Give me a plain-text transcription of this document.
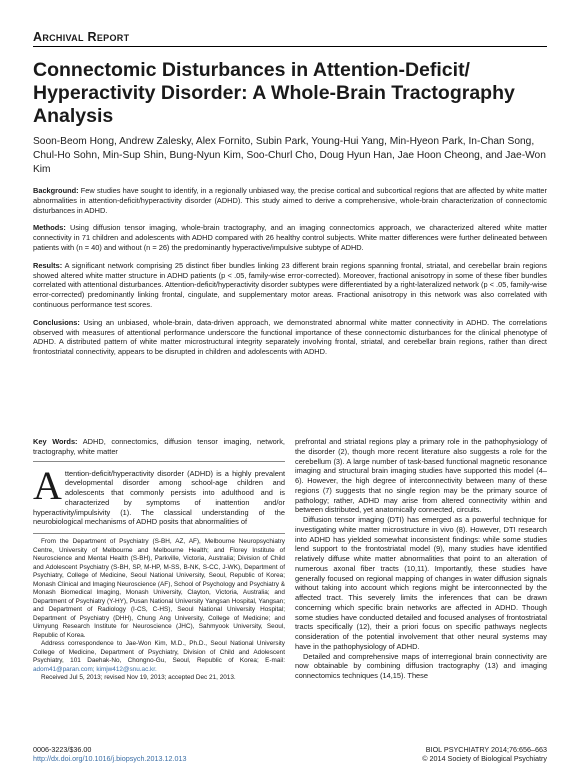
Archival Report
Connectomic Disturbances in Attention-Deficit/ Hyperactivity Disorder: A Whole-Brain Tractography Analysis
Soon-Beom Hong, Andrew Zalesky, Alex Fornito, Subin Park, Young-Hui Yang, Min-Hyeon Park, In-Chan Song, Chul-Ho Sohn, Min-Sup Shin, Bung-Nyun Kim, Soo-Churl Cho, Doug Hyun Han, Jae Hoon Cheong, and Jae-Won Kim

Background: Few studies have sought to identify, in a regionally unbiased way, the precise cortical and subcortical regions that are affected by white matter abnormalities in attention-deficit/hyperactivity disorder (ADHD). This study aimed to derive a comprehensive, whole-brain characterization of connectomic disturbances in ADHD.

Methods: Using diffusion tensor imaging, whole-brain tractography, and an imaging connectomics approach, we characterized altered white matter connectivity in 71 children and adolescents with ADHD compared with 26 healthy control subjects. White matter differences were further delineated between patients with (n = 40) and without (n = 26) the predominantly hyperactive/impulsive subtype of ADHD.

Results: A significant network comprising 25 distinct fiber bundles linking 23 different brain regions spanning frontal, striatal, and cerebellar brain regions showed altered white matter structure in ADHD patients (p < .05, family-wise error-corrected). Moreover, fractional anisotropy in some of these fiber bundles correlated with attentional disturbances. Attention-deficit/hyperactivity disorder subtypes were differentiated by a right-lateralized network (p < .05, family-wise error-corrected) predominantly linking frontal, cingulate, and supplementary motor areas. Fractional anisotropy in this network was also correlated with continuous performance test scores.

Conclusions: Using an unbiased, whole-brain, data-driven approach, we demonstrated abnormal white matter connectivity in ADHD. The correlations observed with measures of attentional performance underscore the functional importance of these connectomic disturbances for the clinical phenotype of ADHD. A distributed pattern of white matter microstructural integrity separately involving frontal, striatal, and cerebellar brain regions, rather than direct frontostriatal connectivity, appears to be disrupted in children and adolescents with ADHD.

Key Words: ADHD, connectomics, diffusion tensor imaging, network, tractography, white matter
A ttention-deficit/hyperactivity disorder (ADHD) is a highly prevalent developmental disorder among school-age children and adolescents that commonly persists into adulthood and is characterized by symptoms of inattention and/or hyperactivity/impulsivity (1). The classical understanding of the neurobiological mechanisms of ADHD posits that abnormalities of

From the Department of Psychiatry (S-BH, AZ, AF), Melbourne Neuropsychiatry Centre, University of Melbourne and Melbourne Health; and Florey Institute of Neuroscience and Mental Health (S-BH), Parkville, Victoria, Australia; Division of Child and Adolescent Psychiatry (S-BH, SP, M-HP, M-SS, B-NK, S-CC, J-WK), Department of Psychiatry, College of Medicine, Seoul National University, Seoul, Republic of Korea; Monash Clinical and Imaging Neuroscience (AF), School of Psychology and Psychiatry & Monash Biomedical Imaging, Monash University, Clayton, Victoria, Australia; and Department of Psychiatry (Y-HY), Pusan National University Yangsan Hospital, Yangsan; and Department of Radiology (I-CS, C-HS), Seoul National University Hospital; Department of Psychiatry (DHH), Chung Ang University, College of Medicine; and Uimyung Research Institute for Neuroscience (JHC), Sahmyook University, Seoul, Republic of Korea.

Address correspondence to Jae-Won Kim, M.D., Ph.D., Seoul National University College of Medicine, Department of Psychiatry, Division of Child and Adolescent Psychiatry, 101 Daehak-No, Chongno-Gu, Seoul, Republic of Korea; E-mail: adom41@paran.com; kimjw412@snu.ac.kr.

Received Jul 5, 2013; revised Nov 19, 2013; accepted Dec 21, 2013.

prefrontal and striatal regions play a primary role in the pathophysiology of the disorder (2), though more recent literature also suggests a role for the cerebellum (3). A large number of task-based functional magnetic resonance imaging and structural brain imaging studies have supported this model (4–6). However, the high degree of interconnectivity between many of these regions (7) suggests that no single region may be the primary source of pathology; rather, ADHD may arise from altered connectivity within and between distributed, yet anatomically connected, circuits.

Diffusion tensor imaging (DTI) has emerged as a powerful technique for investigating white matter microstructure in vivo (8). However, DTI research into ADHD has yielded somewhat inconsistent findings: while some studies lend support to the frontostriatal model (9), many studies have identified relatively diffuse white matter abnormalities that point to an alteration of numerous axonal fiber tracts (10,11). Importantly, these studies have generally focused on regional mapping of changes in water diffusion signals without taking into account which regions might be interconnected by the affected tract. This severely limits the inferences that can be drawn concerning which specific brain networks are affected in ADHD. Though some studies have conducted detailed and focused analyses of frontostriatal tracts specifically (12), their a priori focus on specific pathways neglects consideration of the potential involvement that other neural systems may have in the pathophysiology of ADHD.

Detailed and comprehensive maps of interregional brain connectivity are now obtainable by combining diffusion tractography (13) and imaging connectomics techniques (14,15). These

0006-3223/$36.00
http://dx.doi.org/10.1016/j.biopsych.2013.12.013
BIOL PSYCHIATRY 2014;76:656–663
© 2014 Society of Biological Psychiatry
